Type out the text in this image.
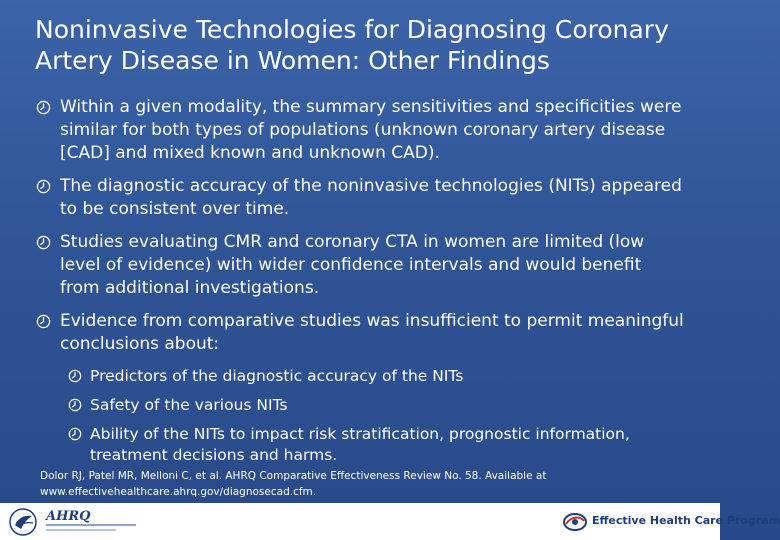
Noninvasive Technologies for Diagnosing Coronary Artery Disease in Women: Other Findings
Within a given modality, the summary sensitivities and specificities were similar for both types of populations (unknown coronary artery disease [CAD] and mixed known and unknown CAD).
The diagnostic accuracy of the noninvasive technologies (NITs) appeared to be consistent over time.
Studies evaluating CMR and coronary CTA in women are limited (low level of evidence) with wider confidence intervals and would benefit from additional investigations.
Evidence from comparative studies was insufficient to permit meaningful conclusions about:
Predictors of the diagnostic accuracy of the NITs
Safety of the various NITs
Ability of the NITs to impact risk stratification, prognostic information, treatment decisions and harms.
Dolor RJ, Patel MR, Melloni C, et al. AHRQ Comparative Effectiveness Review No. 58. Available at
www.effectivehealthcare.ahrq.gov/diagnosecad.cfm.
AHRQ	Effective Health Care Program
